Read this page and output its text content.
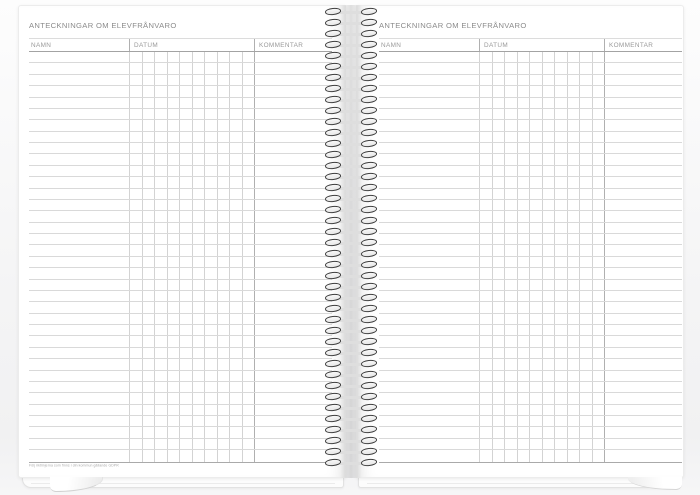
ANTECKNINGAR OM ELEVFRÅNVARO
NAMN	DATUM	KOMMENTAR
Följ riktlinjerna som finns i din kommun gällande GDPR
ANTECKNINGAR OM ELEVFRÅNVARO
NAMN	DATUM	KOMMENTAR
